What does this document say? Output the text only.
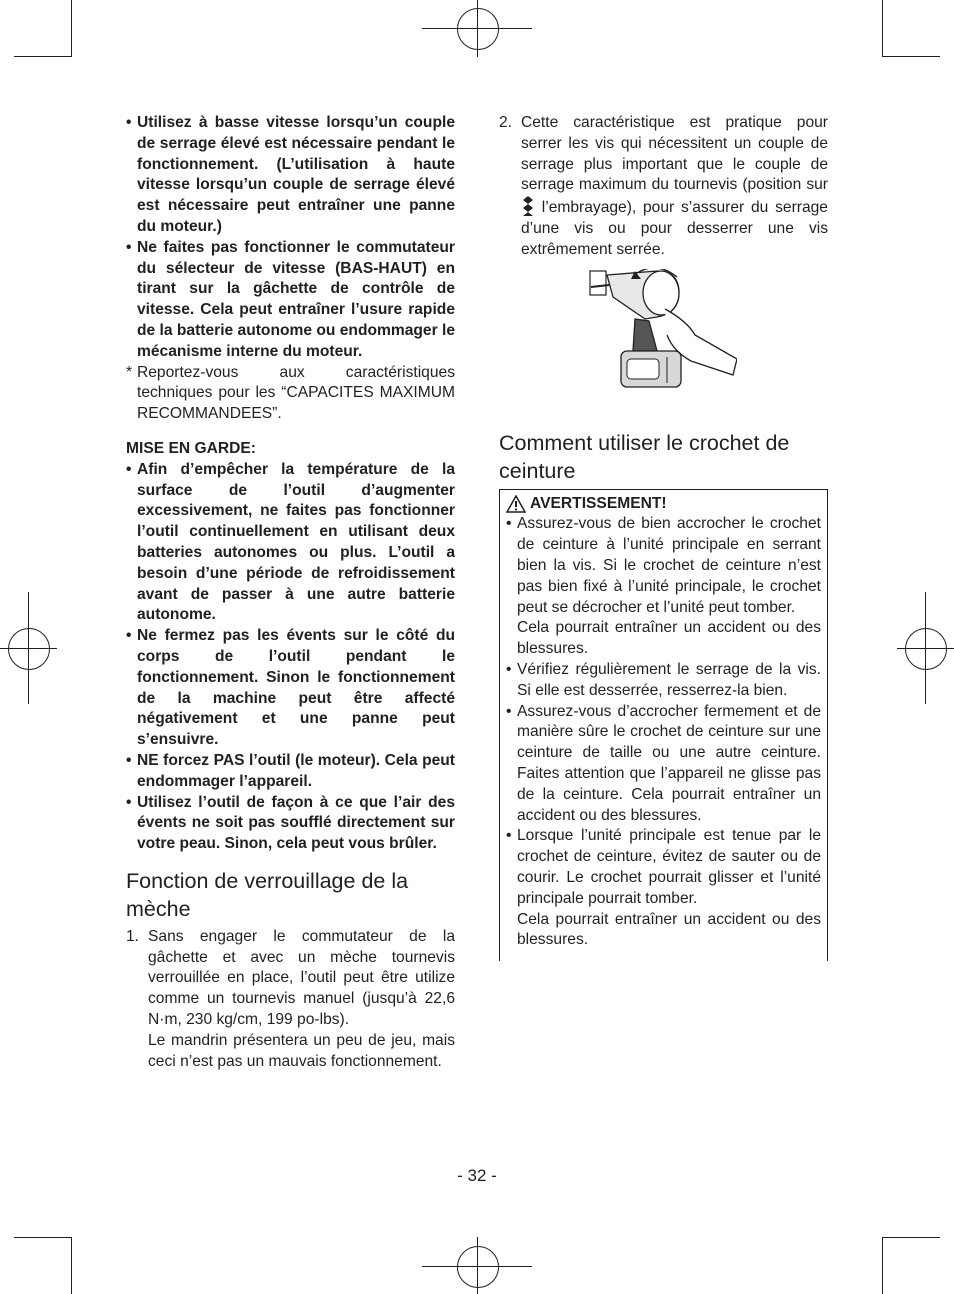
• Utilisez à basse vitesse lorsqu’un couple de serrage élevé est nécessaire pendant le fonctionnement. (L’utilisation à haute vitesse lorsqu’un couple de serrage élevé est nécessaire peut entraîner une panne du moteur.)
• Ne faites pas fonctionner le commutateur du sélecteur de vitesse (BAS-HAUT) en tirant sur la gâchette de contrôle de vitesse. Cela peut entraîner l’usure rapide de la batterie autonome ou endommager le mécanisme interne du moteur.
* Reportez-vous aux caractéristiques techniques pour les “CAPACITES MAXIMUM RECOMMANDEES”.
MISE EN GARDE:
• Afin d’empêcher la température de la surface de l’outil d’augmenter excessivement, ne faites pas fonctionner l’outil continuellement en utilisant deux batteries autonomes ou plus. L’outil a besoin d’une période de refroidissement avant de passer à une autre batterie autonome.
• Ne fermez pas les évents sur le côté du corps de l’outil pendant le fonctionnement. Sinon le fonctionnement de la machine peut être affecté négativement et une panne peut s’ensuivre.
• NE forcez PAS l’outil (le moteur). Cela peut endommager l’appareil.
• Utilisez l’outil de façon à ce que l’air des évents ne soit pas soufflé directement sur votre peau. Sinon, cela peut vous brûler.
Fonction de verrouillage de la mèche
1. Sans engager le commutateur de la gâchette et avec un mèche tournevis verrouillée en place, l’outil peut être utilize comme un tournevis manuel (jusqu’à 22,6 N·m, 230 kg/cm, 199 po-lbs).
Le mandrin présentera un peu de jeu, mais ceci n’est pas un mauvais fonctionnement.
2. Cette caractéristique est pratique pour serrer les vis qui nécessitent un couple de serrage plus important que le couple de serrage maximum du tournevis (position sur  l’embrayage), pour s’assurer du serrage d’une vis ou pour desserrer une vis extrêmement serrée.
Comment utiliser le crochet de ceinture
AVERTISSEMENT!
• Assurez-vous de bien accrocher le crochet de ceinture à l’unité principale en serrant bien la vis. Si le crochet de ceinture n’est pas bien fixé à l’unité principale, le crochet peut se décrocher et l’unité peut tomber.
Cela pourrait entraîner un accident ou des blessures.
• Vérifiez régulièrement le serrage de la vis. Si elle est desserrée, resserrez-la bien.
• Assurez-vous d’accrocher fermement et de manière sûre le crochet de ceinture sur une ceinture de taille ou une autre ceinture. Faites attention que l’appareil ne glisse pas de la ceinture. Cela pourrait entraîner un accident ou des blessures.
• Lorsque l’unité principale est tenue par le crochet de ceinture, évitez de sauter ou de courir. Le crochet pourrait glisser et l’unité principale pourrait tomber.
Cela pourrait entraîner un accident ou des blessures.
- 32 -
